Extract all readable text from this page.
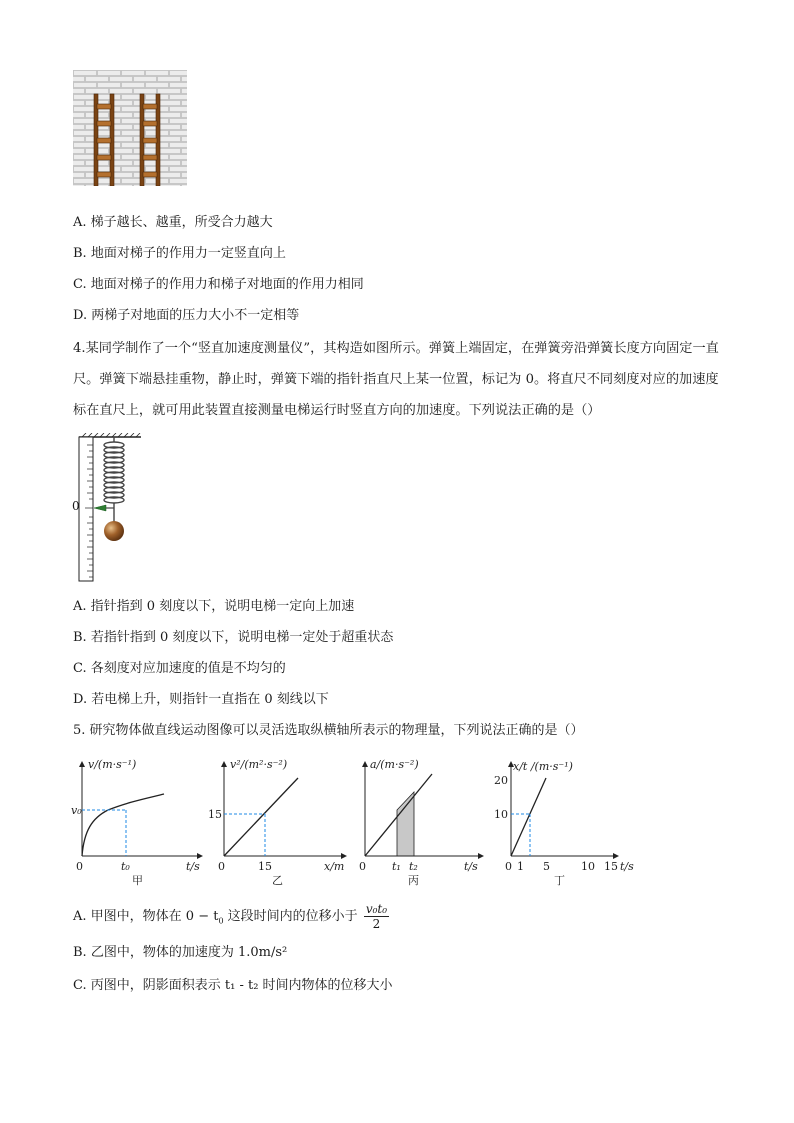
A. 梯子越长、越重，所受合力越大
B. 地面对梯子的作用力一定竖直向上
C. 地面对梯子的作用力和梯子对地面的作用力相同
D. 两梯子对地面的压力大小不一定相等
4.某同学制作了一个“竖直加速度测量仪”，其构造如图所示。弹簧上端固定，在弹簧旁沿弹簧长度方向固定一直尺。弹簧下端悬挂重物，静止时，弹簧下端的指针指直尺上某一位置，标记为 0。将直尺不同刻度对应的加速度标在直尺上，就可用此装置直接测量电梯运行时竖直方向的加速度。下列说法正确的是（）
0
A. 指针指到 0 刻度以下，说明电梯一定向上加速
B. 若指针指到 0 刻度以下，说明电梯一定处于超重状态
C. 各刻度对应加速度的值是不均匀的
D. 若电梯上升，则指针一直指在 0 刻线以下
5. 研究物体做直线运动图像可以灵活选取纵横轴所表示的物理量，下列说法正确的是（）
v/(m·s⁻¹)
v₀
0	t₀	t/s
甲
v²/(m²·s⁻²)
15
0	15	x/m
乙
a/(m·s⁻²)
0 t₁ t₂	t/s
丙
x/t /(m·s⁻¹)
20
10
0 1 5	10 15 t/s
丁
A. 甲图中，物体在 $0 - t_0$ 这段时间内的位移小于 $\frac{\text{v₀t₀}}{2}$
B. 乙图中，物体的加速度为 1.0m/s²
C. 丙图中，阴影面积表示 t₁ - t₂ 时间内物体的位移大小
